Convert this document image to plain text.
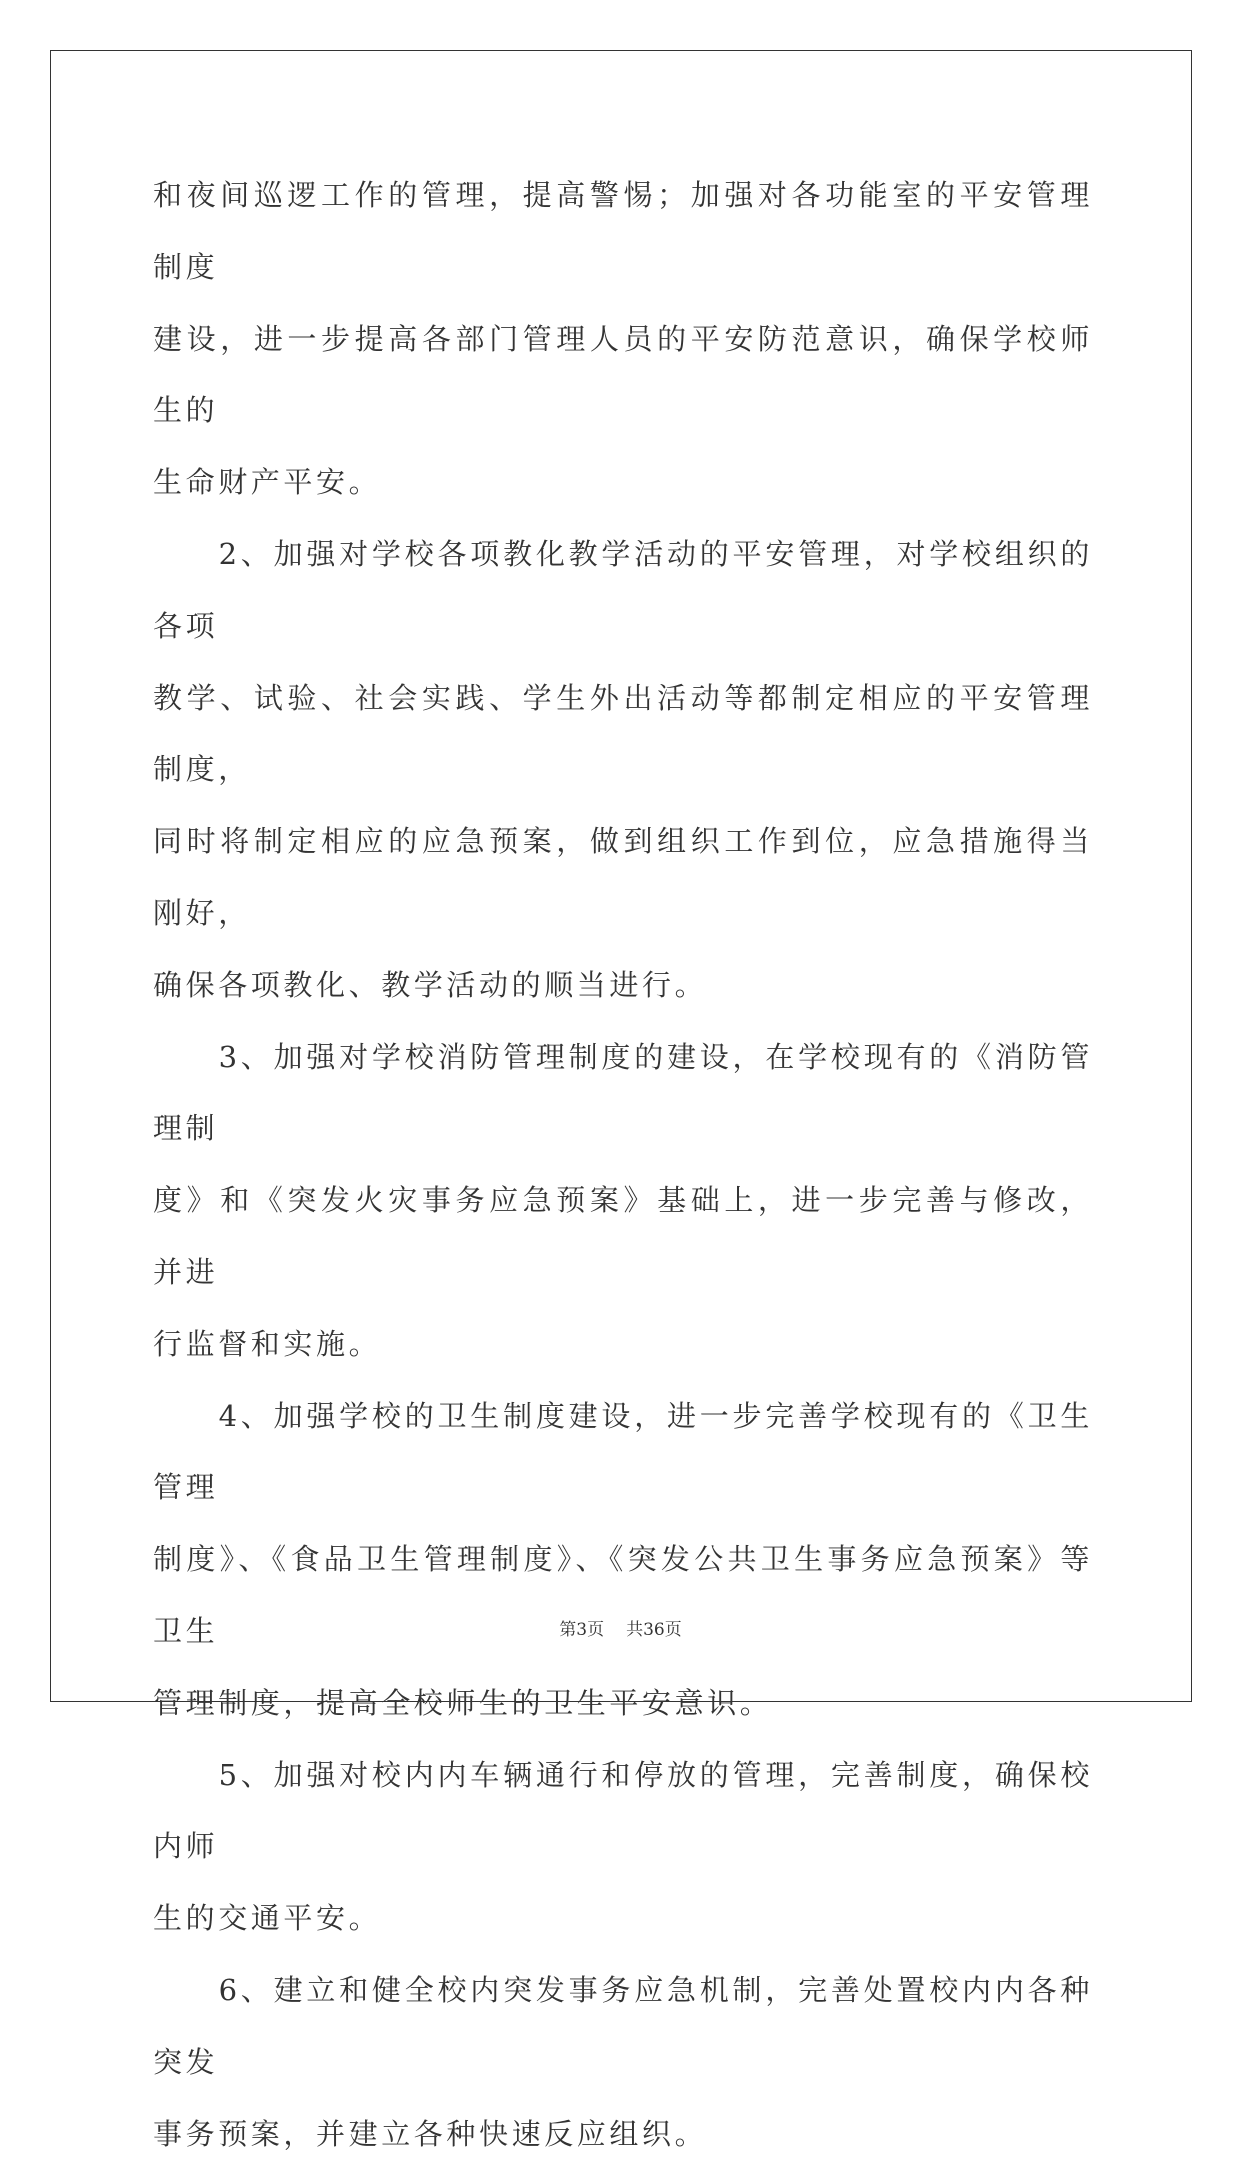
和夜间巡逻工作的管理，提高警惕；加强对各功能室的平安管理制度
建设，进一步提高各部门管理人员的平安防范意识，确保学校师生的
生命财产平安。

　　2、加强对学校各项教化教学活动的平安管理，对学校组织的各项
教学、试验、社会实践、学生外出活动等都制定相应的平安管理制度，
同时将制定相应的应急预案，做到组织工作到位，应急措施得当刚好，
确保各项教化、教学活动的顺当进行。

　　3、加强对学校消防管理制度的建设，在学校现有的《消防管理制
度》和《突发火灾事务应急预案》基础上，进一步完善与修改，并进
行监督和实施。

　　4、加强学校的卫生制度建设，进一步完善学校现有的《卫生管理
制度》、《食品卫生管理制度》、《突发公共卫生事务应急预案》等卫生
管理制度，提高全校师生的卫生平安意识。

　　5、加强对校内内车辆通行和停放的管理，完善制度，确保校内师
生的交通平安。

　　6、建立和健全校内突发事务应急机制，完善处置校内内各种突发
事务预案，并建立各种快速反应组织。

第3页 共36页
